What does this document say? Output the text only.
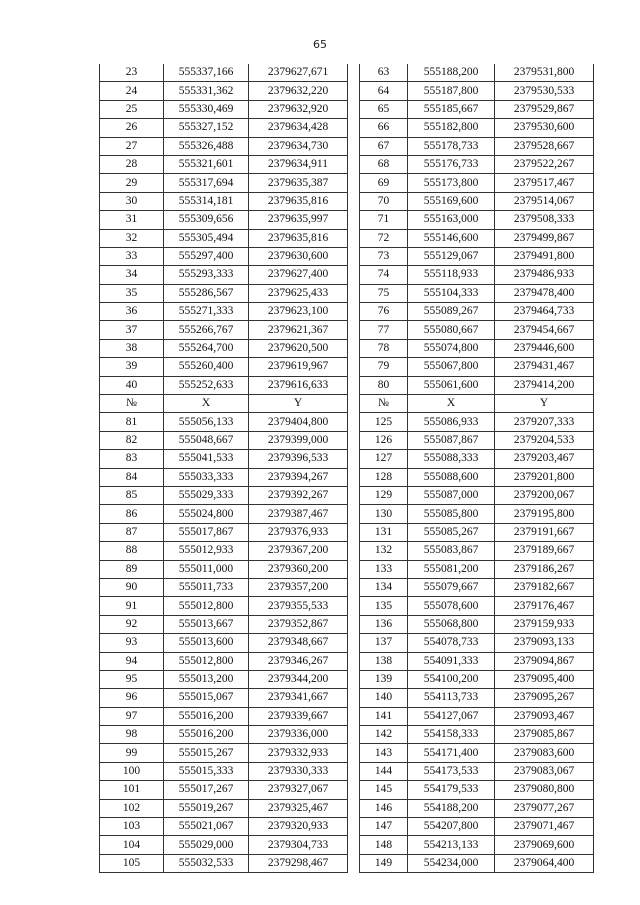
65
23	555337,166	2379627,671		63	555188,200	2379531,800
24	555331,362	2379632,220		64	555187,800	2379530,533
25	555330,469	2379632,920		65	555185,667	2379529,867
26	555327,152	2379634,428		66	555182,800	2379530,600
27	555326,488	2379634,730		67	555178,733	2379528,667
28	555321,601	2379634,911		68	555176,733	2379522,267
29	555317,694	2379635,387		69	555173,800	2379517,467
30	555314,181	2379635,816		70	555169,600	2379514,067
31	555309,656	2379635,997		71	555163,000	2379508,333
32	555305,494	2379635,816		72	555146,600	2379499,867
33	555297,400	2379630,600		73	555129,067	2379491,800
34	555293,333	2379627,400		74	555118,933	2379486,933
35	555286,567	2379625,433		75	555104,333	2379478,400
36	555271,333	2379623,100		76	555089,267	2379464,733
37	555266,767	2379621,367		77	555080,667	2379454,667
38	555264,700	2379620,500		78	555074,800	2379446,600
39	555260,400	2379619,967		79	555067,800	2379431,467
40	555252,633	2379616,633		80	555061,600	2379414,200
№	X	Y		№	X	Y
81	555056,133	2379404,800		125	555086,933	2379207,333
82	555048,667	2379399,000		126	555087,867	2379204,533
83	555041,533	2379396,533		127	555088,333	2379203,467
84	555033,333	2379394,267		128	555088,600	2379201,800
85	555029,333	2379392,267		129	555087,000	2379200,067
86	555024,800	2379387,467		130	555085,800	2379195,800
87	555017,867	2379376,933		131	555085,267	2379191,667
88	555012,933	2379367,200		132	555083,867	2379189,667
89	555011,000	2379360,200		133	555081,200	2379186,267
90	555011,733	2379357,200		134	555079,667	2379182,667
91	555012,800	2379355,533		135	555078,600	2379176,467
92	555013,667	2379352,867		136	555068,800	2379159,933
93	555013,600	2379348,667		137	554078,733	2379093,133
94	555012,800	2379346,267		138	554091,333	2379094,867
95	555013,200	2379344,200		139	554100,200	2379095,400
96	555015,067	2379341,667		140	554113,733	2379095,267
97	555016,200	2379339,667		141	554127,067	2379093,467
98	555016,200	2379336,000		142	554158,333	2379085,867
99	555015,267	2379332,933		143	554171,400	2379083,600
100	555015,333	2379330,333		144	554173,533	2379083,067
101	555017,267	2379327,067		145	554179,533	2379080,800
102	555019,267	2379325,467		146	554188,200	2379077,267
103	555021,067	2379320,933		147	554207,800	2379071,467
104	555029,000	2379304,733		148	554213,133	2379069,600
105	555032,533	2379298,467		149	554234,000	2379064,400
